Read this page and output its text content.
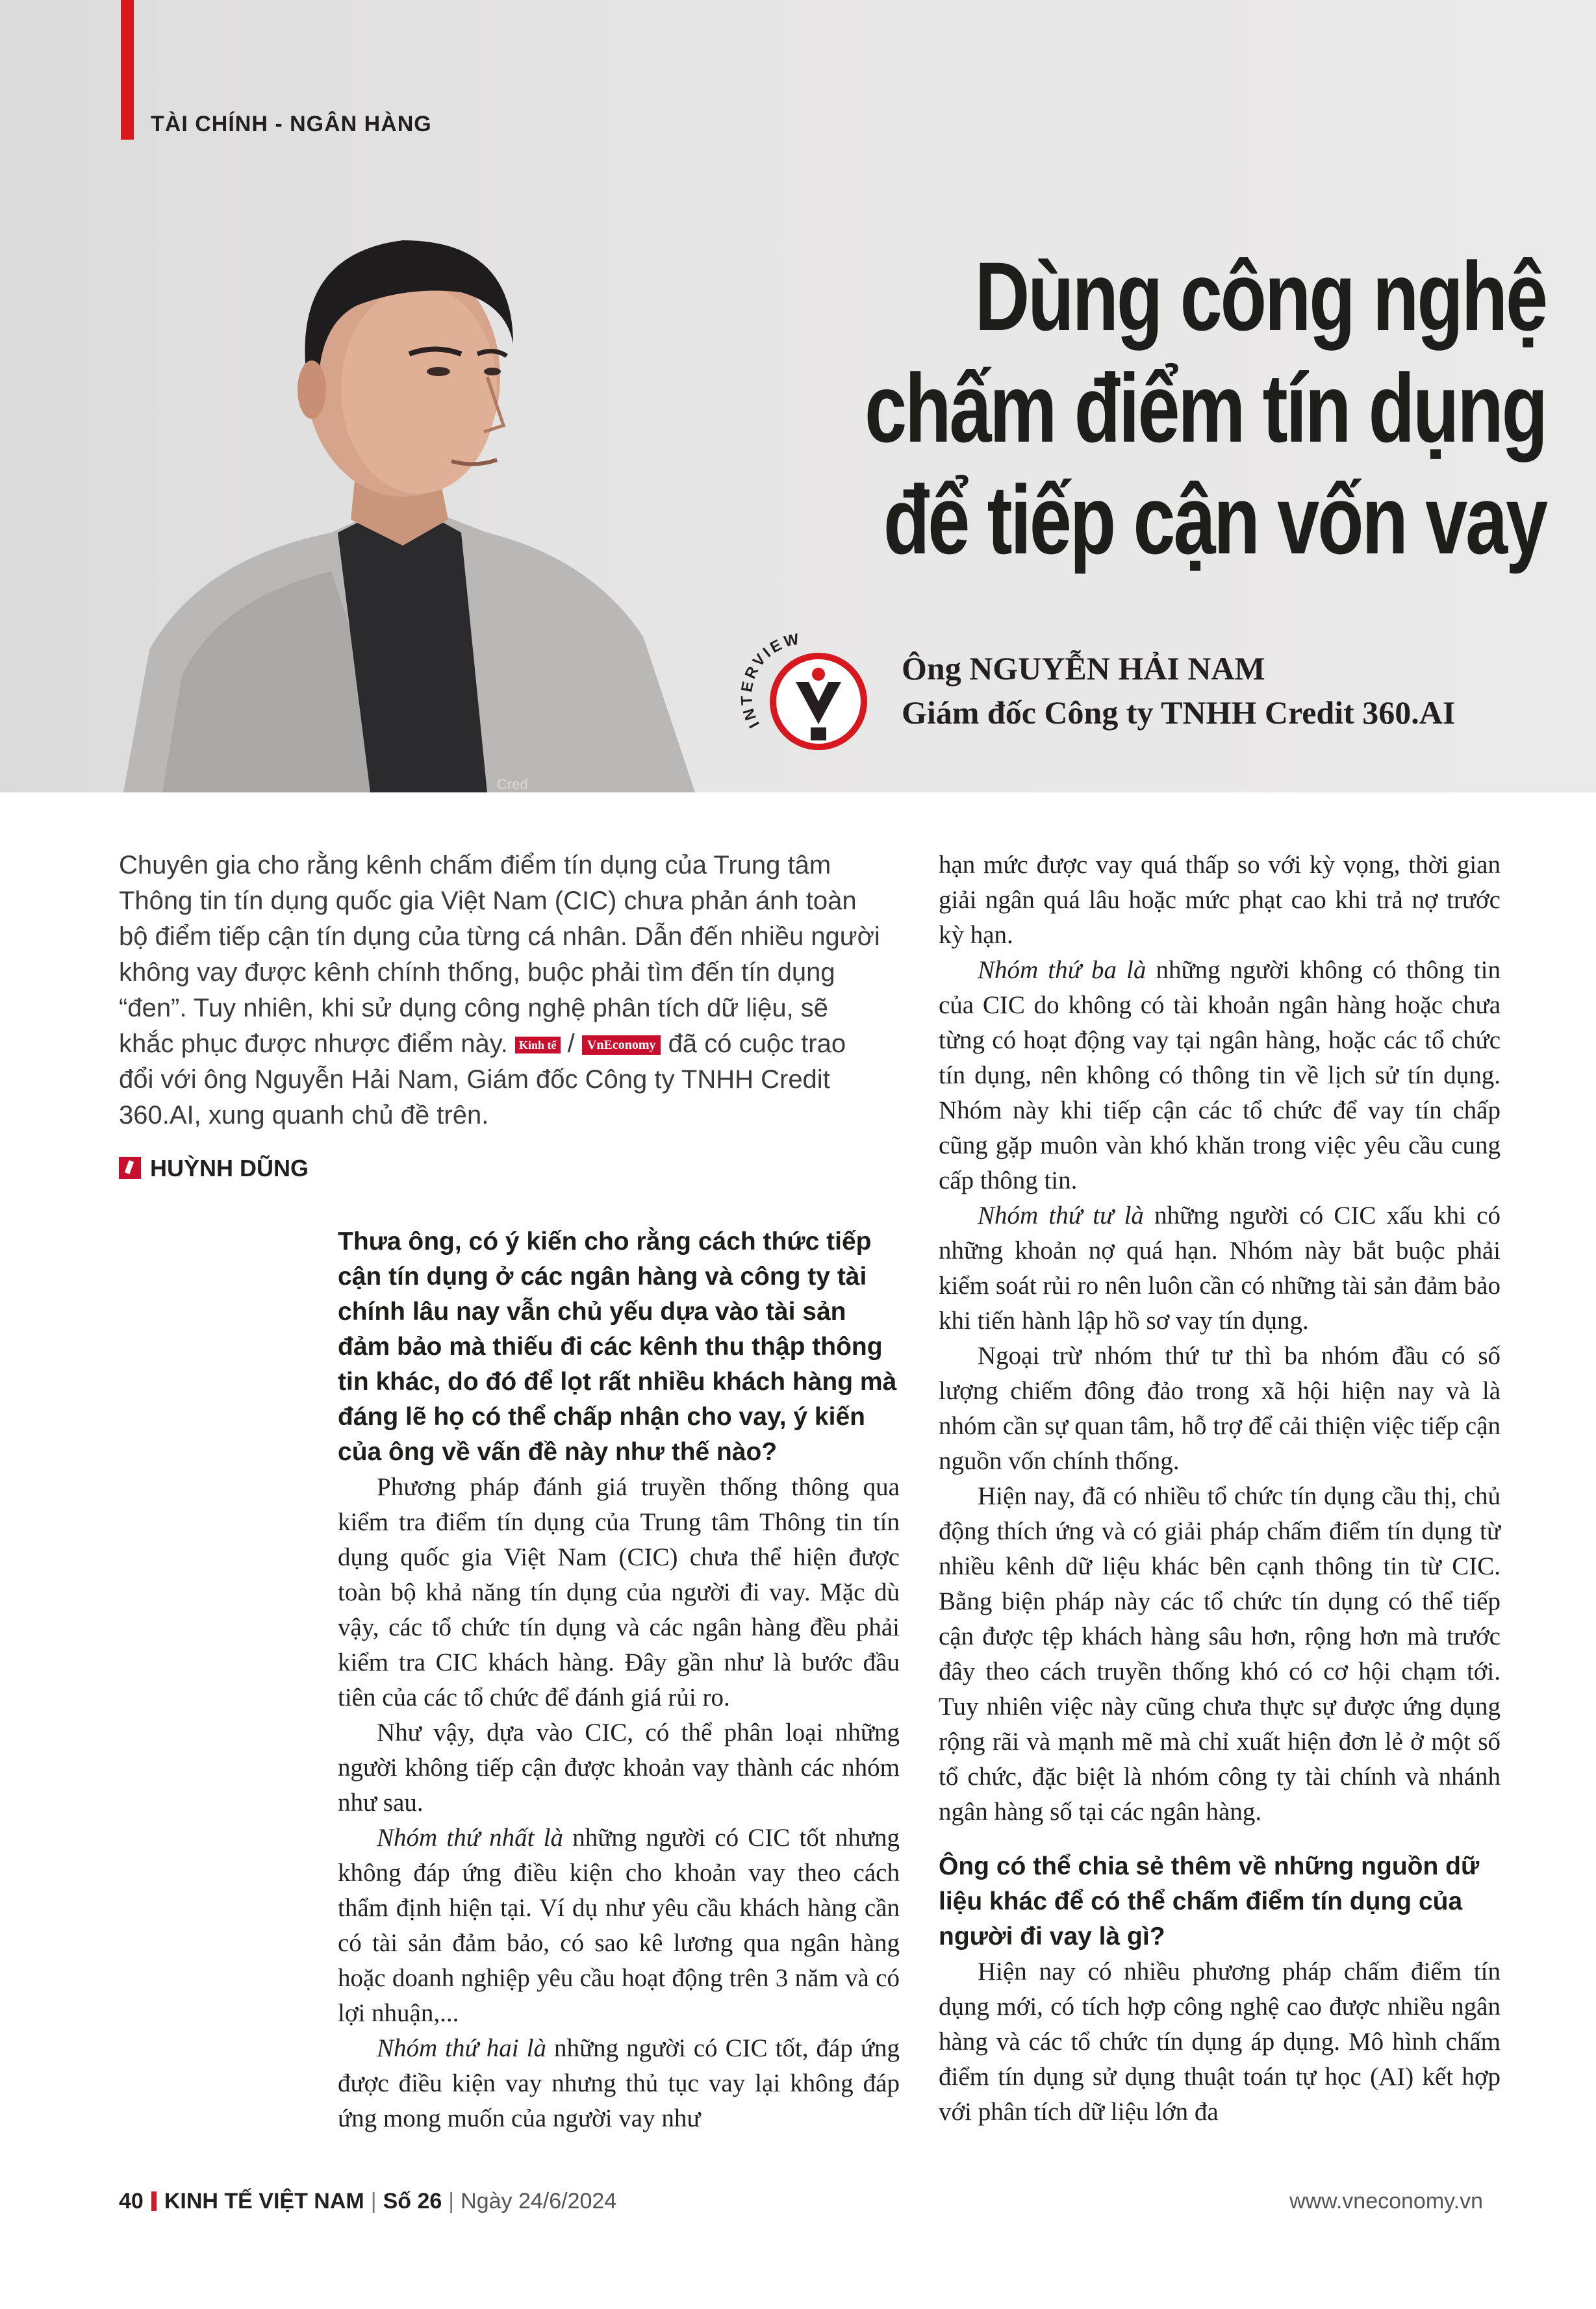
TÀI CHÍNH - NGÂN HÀNG
Cred
Dùng công nghệ
chấm điểm tín dụng
để tiếp cận vốn vay
INTERVIEW
Ông NGUYỄN HẢI NAM
Giám đốc Công ty TNHH Credit 360.AI
Chuyên gia cho rằng kênh chấm điểm tín dụng của Trung tâm Thông tin tín dụng quốc gia Việt Nam (CIC) chưa phản ánh toàn bộ điểm tiếp cận tín dụng của từng cá nhân. Dẫn đến nhiều người không vay được kênh chính thống, buộc phải tìm đến tín dụng “đen”. Tuy nhiên, khi sử dụng công nghệ phân tích dữ liệu, sẽ khắc phục được nhược điểm này. Kinh tế / VnEconomy đã có cuộc trao đổi với ông Nguyễn Hải Nam, Giám đốc Công ty TNHH Credit 360.AI, xung quanh chủ đề trên.
HUỲNH DŨNG

Thưa ông, có ý kiến cho rằng cách thức tiếp cận tín dụng ở các ngân hàng và công ty tài chính lâu nay vẫn chủ yếu dựa vào tài sản đảm bảo mà thiếu đi các kênh thu thập thông tin khác, do đó để lọt rất nhiều khách hàng mà đáng lẽ họ có thể chấp nhận cho vay, ý kiến của ông về vấn đề này như thế nào?

Phương pháp đánh giá truyền thống thông qua kiểm tra điểm tín dụng của Trung tâm Thông tin tín dụng quốc gia Việt Nam (CIC) chưa thể hiện được toàn bộ khả năng tín dụng của người đi vay. Mặc dù vậy, các tổ chức tín dụng và các ngân hàng đều phải kiểm tra CIC khách hàng. Đây gần như là bước đầu tiên của các tổ chức để đánh giá rủi ro.

Như vậy, dựa vào CIC, có thể phân loại những người không tiếp cận được khoản vay thành các nhóm như sau.

Nhóm thứ nhất là những người có CIC tốt nhưng không đáp ứng điều kiện cho khoản vay theo cách thẩm định hiện tại. Ví dụ như yêu cầu khách hàng cần có tài sản đảm bảo, có sao kê lương qua ngân hàng hoặc doanh nghiệp yêu cầu hoạt động trên 3 năm và có lợi nhuận,...

Nhóm thứ hai là những người có CIC tốt, đáp ứng được điều kiện vay nhưng thủ tục vay lại không đáp ứng mong muốn của người vay như

hạn mức được vay quá thấp so với kỳ vọng, thời gian giải ngân quá lâu hoặc mức phạt cao khi trả nợ trước kỳ hạn.

Nhóm thứ ba là những người không có thông tin của CIC do không có tài khoản ngân hàng hoặc chưa từng có hoạt động vay tại ngân hàng, hoặc các tổ chức tín dụng, nên không có thông tin về lịch sử tín dụng. Nhóm này khi tiếp cận các tổ chức để vay tín chấp cũng gặp muôn vàn khó khăn trong việc yêu cầu cung cấp thông tin.

Nhóm thứ tư là những người có CIC xấu khi có những khoản nợ quá hạn. Nhóm này bắt buộc phải kiểm soát rủi ro nên luôn cần có những tài sản đảm bảo khi tiến hành lập hồ sơ vay tín dụng.

Ngoại trừ nhóm thứ tư thì ba nhóm đầu có số lượng chiếm đông đảo trong xã hội hiện nay và là nhóm cần sự quan tâm, hỗ trợ để cải thiện việc tiếp cận nguồn vốn chính thống.

Hiện nay, đã có nhiều tổ chức tín dụng cầu thị, chủ động thích ứng và có giải pháp chấm điểm tín dụng từ nhiều kênh dữ liệu khác bên cạnh thông tin từ CIC. Bằng biện pháp này các tổ chức tín dụng có thể tiếp cận được tệp khách hàng sâu hơn, rộng hơn mà trước đây theo cách truyền thống khó có cơ hội chạm tới. Tuy nhiên việc này cũng chưa thực sự được ứng dụng rộng rãi và mạnh mẽ mà chỉ xuất hiện đơn lẻ ở một số tổ chức, đặc biệt là nhóm công ty tài chính và nhánh ngân hàng số tại các ngân hàng.

Ông có thể chia sẻ thêm về những nguồn dữ liệu khác để có thể chấm điểm tín dụng của người đi vay là gì?

Hiện nay có nhiều phương pháp chấm điểm tín dụng mới, có tích hợp công nghệ cao được nhiều ngân hàng và các tổ chức tín dụng áp dụng. Mô hình chấm điểm tín dụng sử dụng thuật toán tự học (AI) kết hợp với phân tích dữ liệu lớn đa

40 KINH TẾ VIỆT NAM | Số 26 | Ngày 24/6/2024	www.vneconomy.vn
